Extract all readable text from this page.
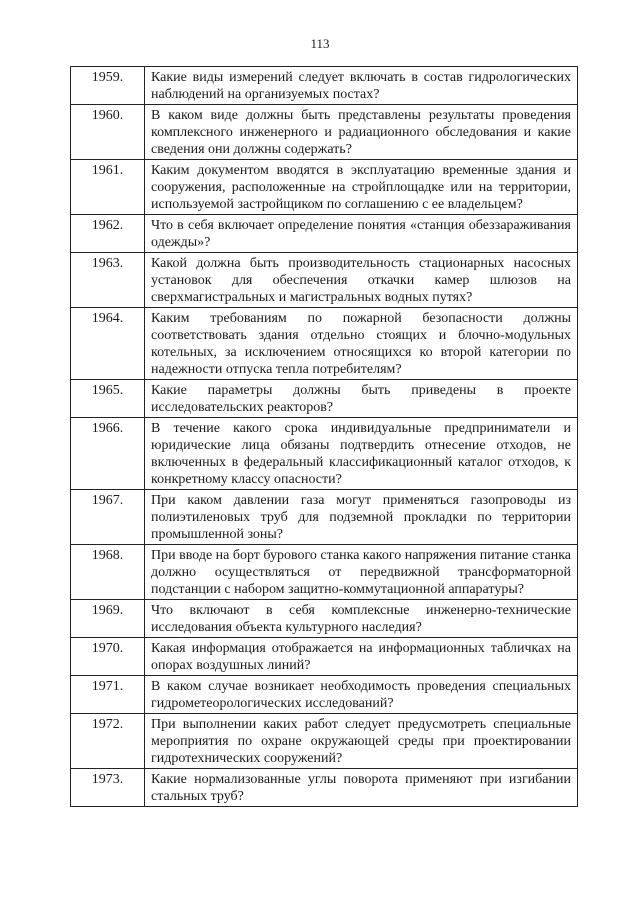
113
1959.	Какие виды измерений следует включать в состав гидрологических наблюдений на организуемых постах?
1960.	В каком виде должны быть представлены результаты проведения комплексного инженерного и радиационного обследования и какие сведения они должны содержать?
1961.	Каким документом вводятся в эксплуатацию временные здания и сооружения, расположенные на стройплощадке или на территории, используемой застройщиком по соглашению с ее владельцем?
1962.	Что в себя включает определение понятия «станция обеззараживания одежды»?
1963.	Какой должна быть производительность стационарных насосных установок для обеспечения откачки камер шлюзов на сверхмагистральных и магистральных водных путях?
1964.	Каким требованиям по пожарной безопасности должны соответствовать здания отдельно стоящих и блочно-модульных котельных, за исключением относящихся ко второй категории по надежности отпуска тепла потребителям?
1965.	Какие параметры должны быть приведены в проекте исследовательских реакторов?
1966.	В течение какого срока индивидуальные предприниматели и юридические лица обязаны подтвердить отнесение отходов, не включенных в федеральный классификационный каталог отходов, к конкретному классу опасности?
1967.	При каком давлении газа могут применяться газопроводы из полиэтиленовых труб для подземной прокладки по территории промышленной зоны?
1968.	При вводе на борт бурового станка какого напряжения питание станка должно осуществляться от передвижной трансформаторной подстанции с набором защитно-коммутационной аппаратуры?
1969.	Что включают в себя комплексные инженерно-технические исследования объекта культурного наследия?
1970.	Какая информация отображается на информационных табличках на опорах воздушных линий?
1971.	В каком случае возникает необходимость проведения специальных гидрометеорологических исследований?
1972.	При выполнении каких работ следует предусмотреть специальные мероприятия по охране окружающей среды при проектировании гидротехнических сооружений?
1973.	Какие нормализованные углы поворота применяют при изгибании стальных труб?
